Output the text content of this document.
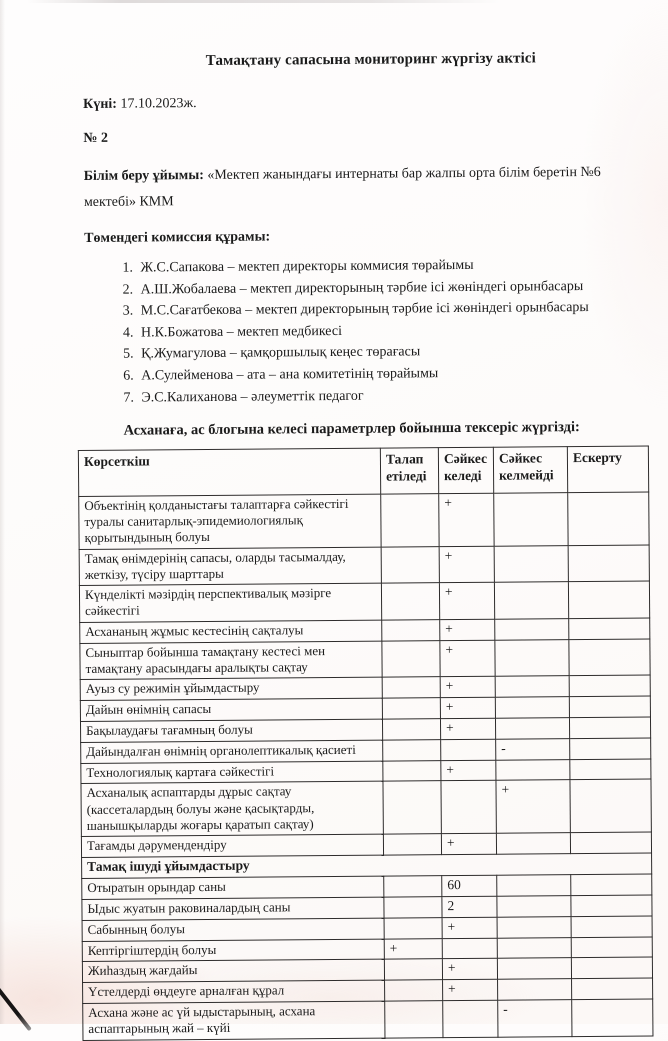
Тамақтану сапасына мониторинг жүргізу актісі
Күні: 17.10.2023ж.
№ 2
Білім беру ұйымы: «Мектеп жанындағы интернаты бар жалпы орта білім беретін №6 мектебі» КММ
Төмендегі комиссия құрамы:
1. Ж.С.Сапакова – мектеп директоры коммисия төрайымы
2. А.Ш.Жобалаева – мектеп директорының тәрбие ісі жөніндегі орынбасары
3. М.С.Сағатбекова – мектеп директорының тәрбие ісі жөніндегі орынбасары
4. Н.К.Божатова – мектеп медбикесі
5. Қ.Жумагулова – қамқоршылық кеңес төрағасы
6. А.Сулейменова – ата – ана комитетінің төрайымы
7. Э.С.Калиханова – әлеуметтік педагог
Асханаға, ас блогына келесі параметрлер бойынша тексеріс жүргізді:
Көрсеткіш	Талап етіледі	Сәйкес келеді	Сәйкес келмейді	Ескерту
Объектінің қолданыстағы талаптарға сәйкестігі туралы санитарлық-эпидемиологиялық қорытындының болуы		+		
Тамақ өнімдерінің сапасы, оларды тасымалдау, жеткізу, түсіру шарттары		+		
Күнделікті мәзірдің перспективалық мәзірге сәйкестігі		+		
Асхананың жұмыс кестесінің сақталуы		+		
Сыныптар бойынша тамақтану кестесі мен тамақтану арасындағы аралықты сақтау		+		
Ауыз су режимін ұйымдастыру		+		
Дайын өнімнің сапасы		+		
Бақылаудағы тағамның болуы		+		
Дайындалған өнімнің органолептикалық қасиеті			-	
Технологиялық картаға сәйкестігі		+		
Асханалық аспаптарды дұрыс сақтау (кассеталардың болуы және қасықтарды, шанышқыларды жоғары қаратып сақтау)			+	
Тағамды дәрумендендіру		+		
Тамақ ішуді ұйымдастыру				
Отыратын орындар саны		60		
Ыдыс жуатын раковиналардың саны		2		
Сабынның болуы		+		
Кептіргіштердің болуы	+			
Жиһаздың жағдайы		+		
Үстелдерді өңдеуге арналған құрал		+		
Асхана және ас үй ыдыстарының, асхана аспаптарының жай – күйі			-	
